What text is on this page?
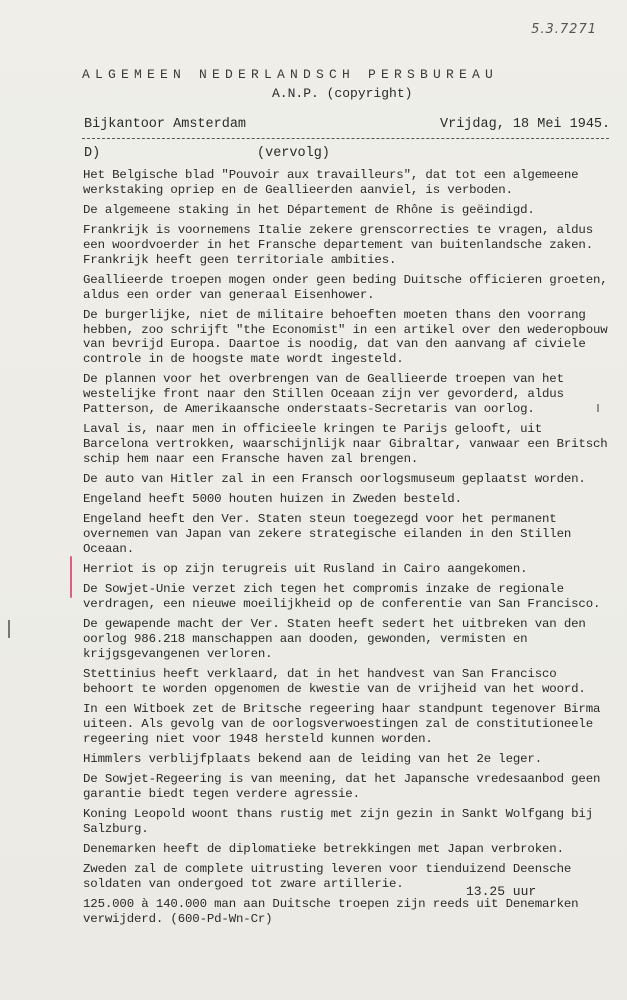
5.3.7271
ALGEMEEN NEDERLANDSCH PERSBUREAU
A.N.P. (copyright)
Bijkantoor Amsterdam	Vrijdag, 18 Mei 1945.
D)	(vervolg)

Het Belgische blad "Pouvoir aux travailleurs", dat tot een algemeene werkstaking opriep en de Geallieerden aanviel, is verboden.

De algemeene staking in het Département de Rhône is geëindigd.

Frankrijk is voornemens Italie zekere grenscorrecties te vragen, aldus een woordvoerder in het Fransche departement van buitenlandsche zaken. Frankrijk heeft geen territoriale ambities.

Geallieerde troepen mogen onder geen beding Duitsche officieren groeten, aldus een order van generaal Eisenhower.

De burgerlijke, niet de militaire behoeften moeten thans den voorrang hebben, zoo schrijft "the Economist" in een artikel over den wederopbouw van bevrijd Europa. Daartoe is noodig, dat van den aanvang af civiele controle in de hoogste mate wordt ingesteld.

De plannen voor het overbrengen van de Geallieerde troepen van het westelijke front naar den Stillen Oceaan zijn ver gevorderd, aldus Patterson, de Amerikaansche onderstaats-Secretaris van oorlog.

Laval is, naar men in officieele kringen te Parijs gelooft, uit Barcelona vertrokken, waarschijnlijk naar Gibraltar, vanwaar een Britsch schip hem naar een Fransche haven zal brengen.

De auto van Hitler zal in een Fransch oorlogsmuseum geplaatst worden.

Engeland heeft 5000 houten huizen in Zweden besteld.

Engeland heeft den Ver. Staten steun toegezegd voor het permanent overnemen van Japan van zekere strategische eilanden in den Stillen Oceaan.

Herriot is op zijn terugreis uit Rusland in Cairo aangekomen.

De Sowjet-Unie verzet zich tegen het compromis inzake de regionale verdragen, een nieuwe moeilijkheid op de conferentie van San Francisco.

De gewapende macht der Ver. Staten heeft sedert het uitbreken van den oorlog 986.218 manschappen aan dooden, gewonden, vermisten en krijgsgevangenen verloren.

Stettinius heeft verklaard, dat in het handvest van San Francisco behoort te worden opgenomen de kwestie van de vrijheid van het woord.

In een Witboek zet de Britsche regeering haar standpunt tegenover Birma uiteen. Als gevolg van de oorlogsverwoestingen zal de constitutioneele regeering niet voor 1948 hersteld kunnen worden.

Himmlers verblijfplaats bekend aan de leiding van het 2e leger.

De Sowjet-Regeering is van meening, dat het Japansche vredesaanbod geen garantie biedt tegen verdere agressie.

Koning Leopold woont thans rustig met zijn gezin in Sankt Wolfgang bij Salzburg.

Denemarken heeft de diplomatieke betrekkingen met Japan verbroken.

Zweden zal de complete uitrusting leveren voor tienduizend Deensche soldaten van ondergoed tot zware artillerie.

125.000 à 140.000 man aan Duitsche troepen zijn reeds uit Denemarken verwijderd. (600-Pd-Wn-Cr)

13.25 uur
